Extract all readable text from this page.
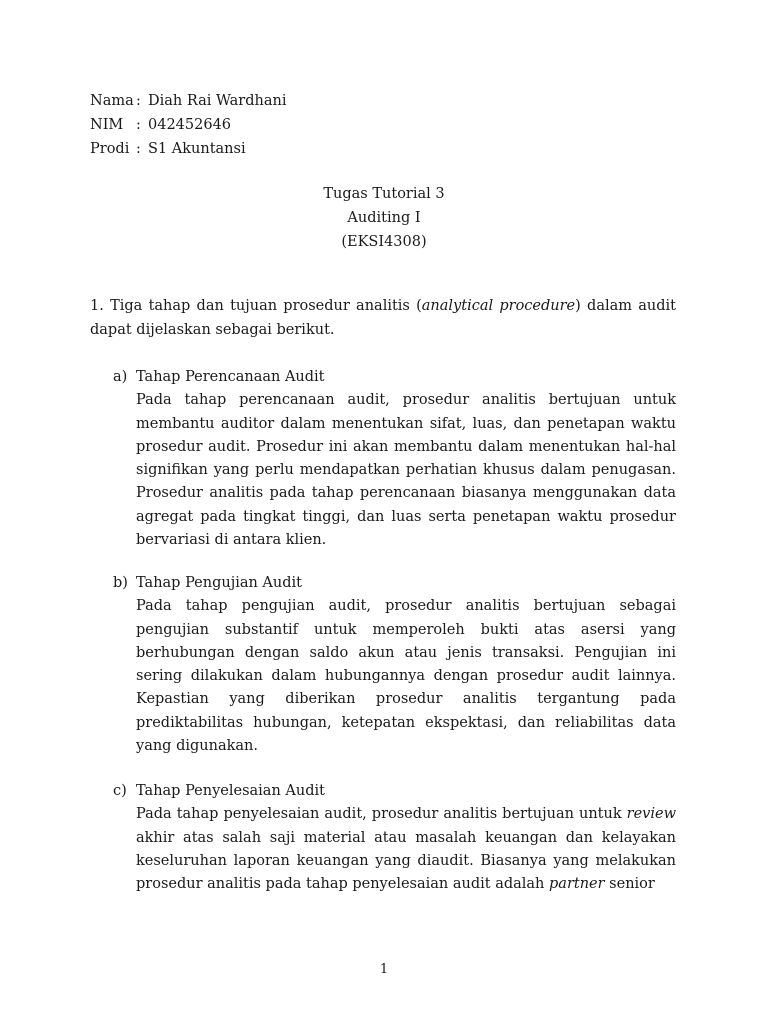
Nama : Diah Rai Wardhani
NIM : 042452646
Prodi : S1 Akuntansi
Tugas Tutorial 3
Auditing I
(EKSI4308)

1. Tiga tahap dan tujuan prosedur analitis (analytical procedure) dalam audit dapat dijelaskan sebagai berikut.

a) Tahap Perencanaan Audit

Pada tahap perencanaan audit, prosedur analitis bertujuan untuk membantu auditor dalam menentukan sifat, luas, dan penetapan waktu prosedur audit. Prosedur ini akan membantu dalam menentukan hal-hal signifikan yang perlu mendapatkan perhatian khusus dalam penugasan. Prosedur analitis pada tahap perencanaan biasanya menggunakan data agregat pada tingkat tinggi, dan luas serta penetapan waktu prosedur bervariasi di antara klien.

b) Tahap Pengujian Audit

Pada tahap pengujian audit, prosedur analitis bertujuan sebagai pengujian substantif untuk memperoleh bukti atas asersi yang berhubungan dengan saldo akun atau jenis transaksi. Pengujian ini sering dilakukan dalam hubungannya dengan prosedur audit lainnya. Kepastian yang diberikan prosedur analitis tergantung pada prediktabilitas hubungan, ketepatan ekspektasi, dan reliabilitas data yang digunakan.

c) Tahap Penyelesaian Audit

Pada tahap penyelesaian audit, prosedur analitis bertujuan untuk review akhir atas salah saji material atau masalah keuangan dan kelayakan keseluruhan laporan keuangan yang diaudit. Biasanya yang melakukan prosedur analitis pada tahap penyelesaian audit adalah partner senior

1
